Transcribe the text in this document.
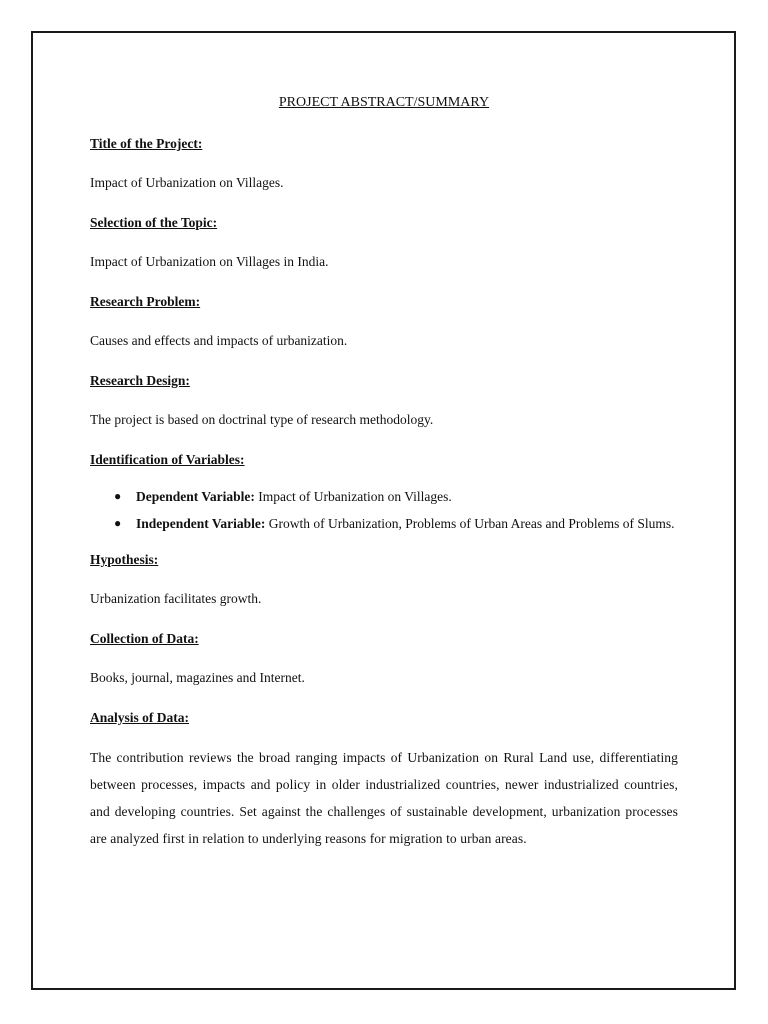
PROJECT ABSTRACT/SUMMARY

Title of the Project:

Impact of Urbanization on Villages.

Selection of the Topic:

Impact of Urbanization on Villages in India.

Research Problem:

Causes and effects and impacts of urbanization.

Research Design:

The project is based on doctrinal type of research methodology.

Identification of Variables:

● Dependent Variable: Impact of Urbanization on Villages.
● Independent Variable: Growth of Urbanization, Problems of Urban Areas and Problems of Slums.

Hypothesis:

Urbanization facilitates growth.

Collection of Data:

Books, journal, magazines and Internet.

Analysis of Data:

The contribution reviews the broad ranging impacts of Urbanization on Rural Land use, differentiating between processes, impacts and policy in older industrialized countries, newer industrialized countries, and developing countries. Set against the challenges of sustainable development, urbanization processes are analyzed first in relation to underlying reasons for migration to urban areas.
